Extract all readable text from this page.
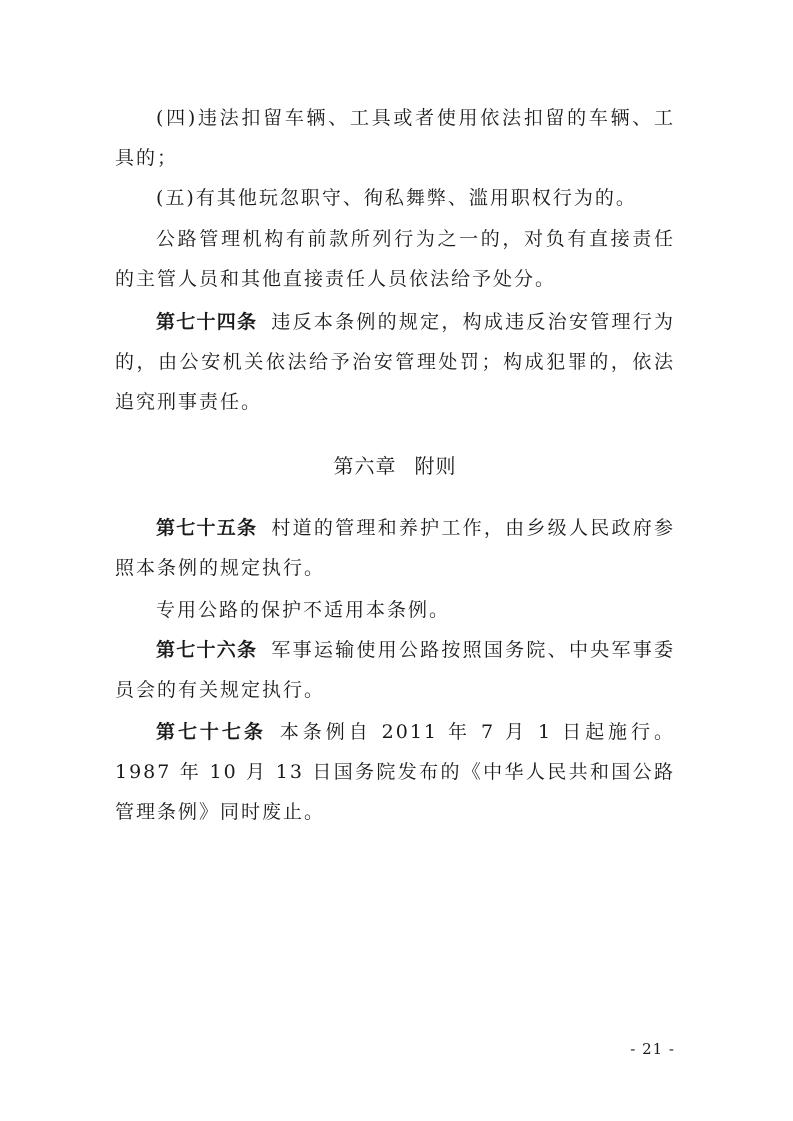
(四)违法扣留车辆、工具或者使用依法扣留的车辆、工具的；

(五)有其他玩忽职守、徇私舞弊、滥用职权行为的。

公路管理机构有前款所列行为之一的，对负有直接责任的主管人员和其他直接责任人员依法给予处分。

第七十四条 违反本条例的规定，构成违反治安管理行为的，由公安机关依法给予治安管理处罚；构成犯罪的，依法追究刑事责任。

第六章 附则

第七十五条 村道的管理和养护工作，由乡级人民政府参照本条例的规定执行。

专用公路的保护不适用本条例。

第七十六条 军事运输使用公路按照国务院、中央军事委员会的有关规定执行。

第七十七条 本条例自 2011 年 7 月 1 日起施行。1987 年 10 月 13 日国务院发布的《中华人民共和国公路管理条例》同时废止。

- 21 -
